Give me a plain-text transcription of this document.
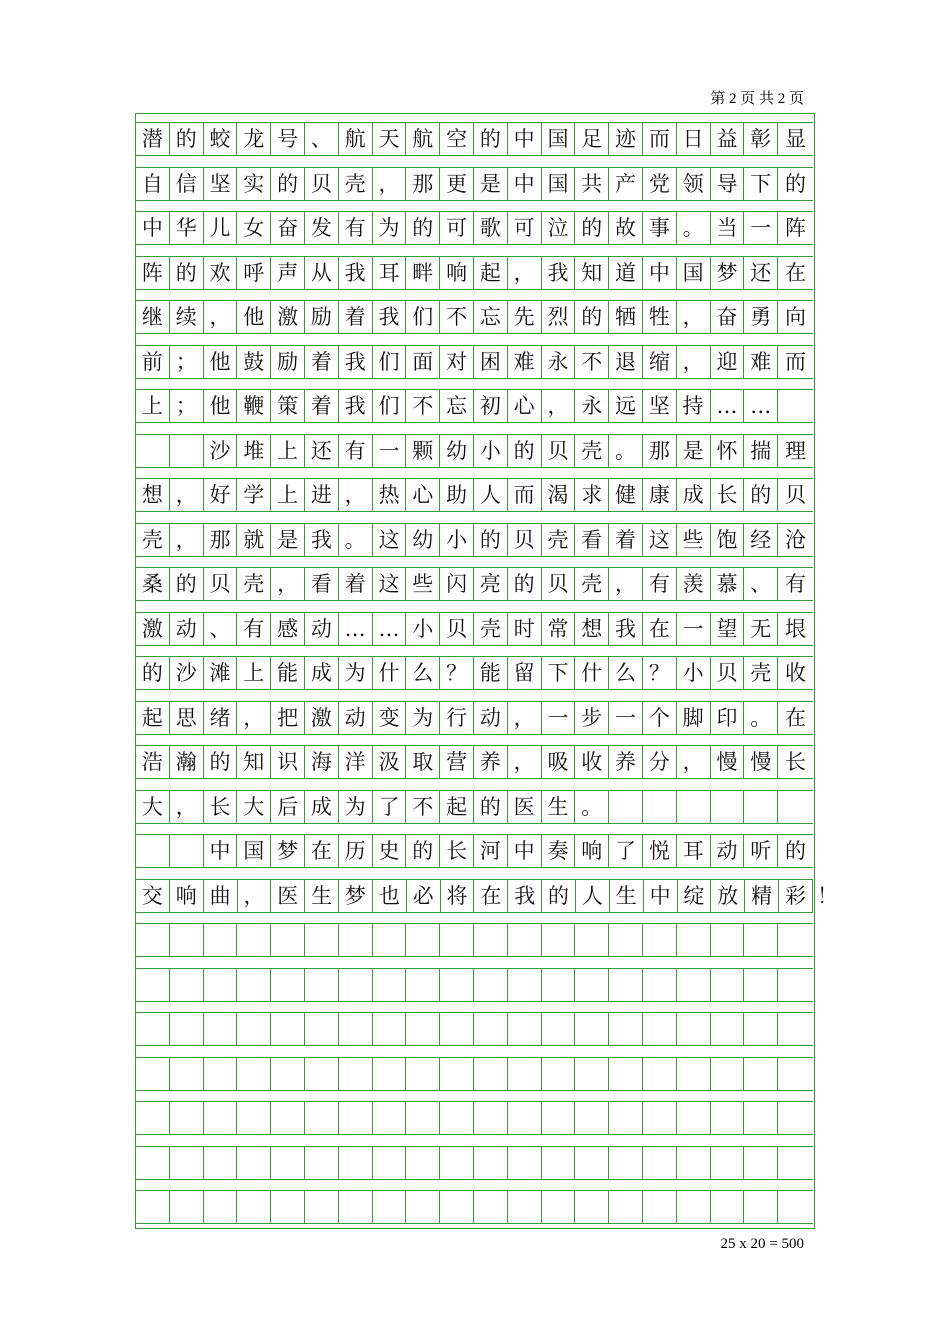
第 2 页 共 2 页
潜 的 蛟 龙 号 、 航 天 航 空 的 中 国 足 迹 而 日 益 彰 显
自 信 坚 实 的 贝 壳 ， 那 更 是 中 国 共 产 党 领 导 下 的
中 华 儿 女 奋 发 有 为 的 可 歌 可 泣 的 故 事 。 当 一 阵
阵 的 欢 呼 声 从 我 耳 畔 响 起 ， 我 知 道 中 国 梦 还 在
继 续 ， 他 激 励 着 我 们 不 忘 先 烈 的 牺 牲 ， 奋 勇 向
前 ； 他 鼓 励 着 我 们 面 对 困 难 永 不 退 缩 ， 迎 难 而
上 ； 他 鞭 策 着 我 们 不 忘 初 心 ， 永 远 坚 持 … …
沙 堆 上 还 有 一 颗 幼 小 的 贝 壳 。 那 是 怀 揣 理
想 ， 好 学 上 进 ， 热 心 助 人 而 渴 求 健 康 成 长 的 贝
壳 ， 那 就 是 我 。 这 幼 小 的 贝 壳 看 着 这 些 饱 经 沧
桑 的 贝 壳 ， 看 着 这 些 闪 亮 的 贝 壳 ， 有 羡 慕 、 有
激 动 、 有 感 动 … … 小 贝 壳 时 常 想 我 在 一 望 无 垠
的 沙 滩 上 能 成 为 什 么 ？ 能 留 下 什 么 ？ 小 贝 壳 收
起 思 绪 ， 把 激 动 变 为 行 动 ， 一 步 一 个 脚 印 。 在
浩 瀚 的 知 识 海 洋 汲 取 营 养 ， 吸 收 养 分 ， 慢 慢 长
大 ， 长 大 后 成 为 了 不 起 的 医 生 。
中 国 梦 在 历 史 的 长 河 中 奏 响 了 悦 耳 动 听 的
交 响 曲 ， 医 生 梦 也 必 将 在 我 的 人 生 中 绽 放 精 彩 ！
25 x 20 = 500
